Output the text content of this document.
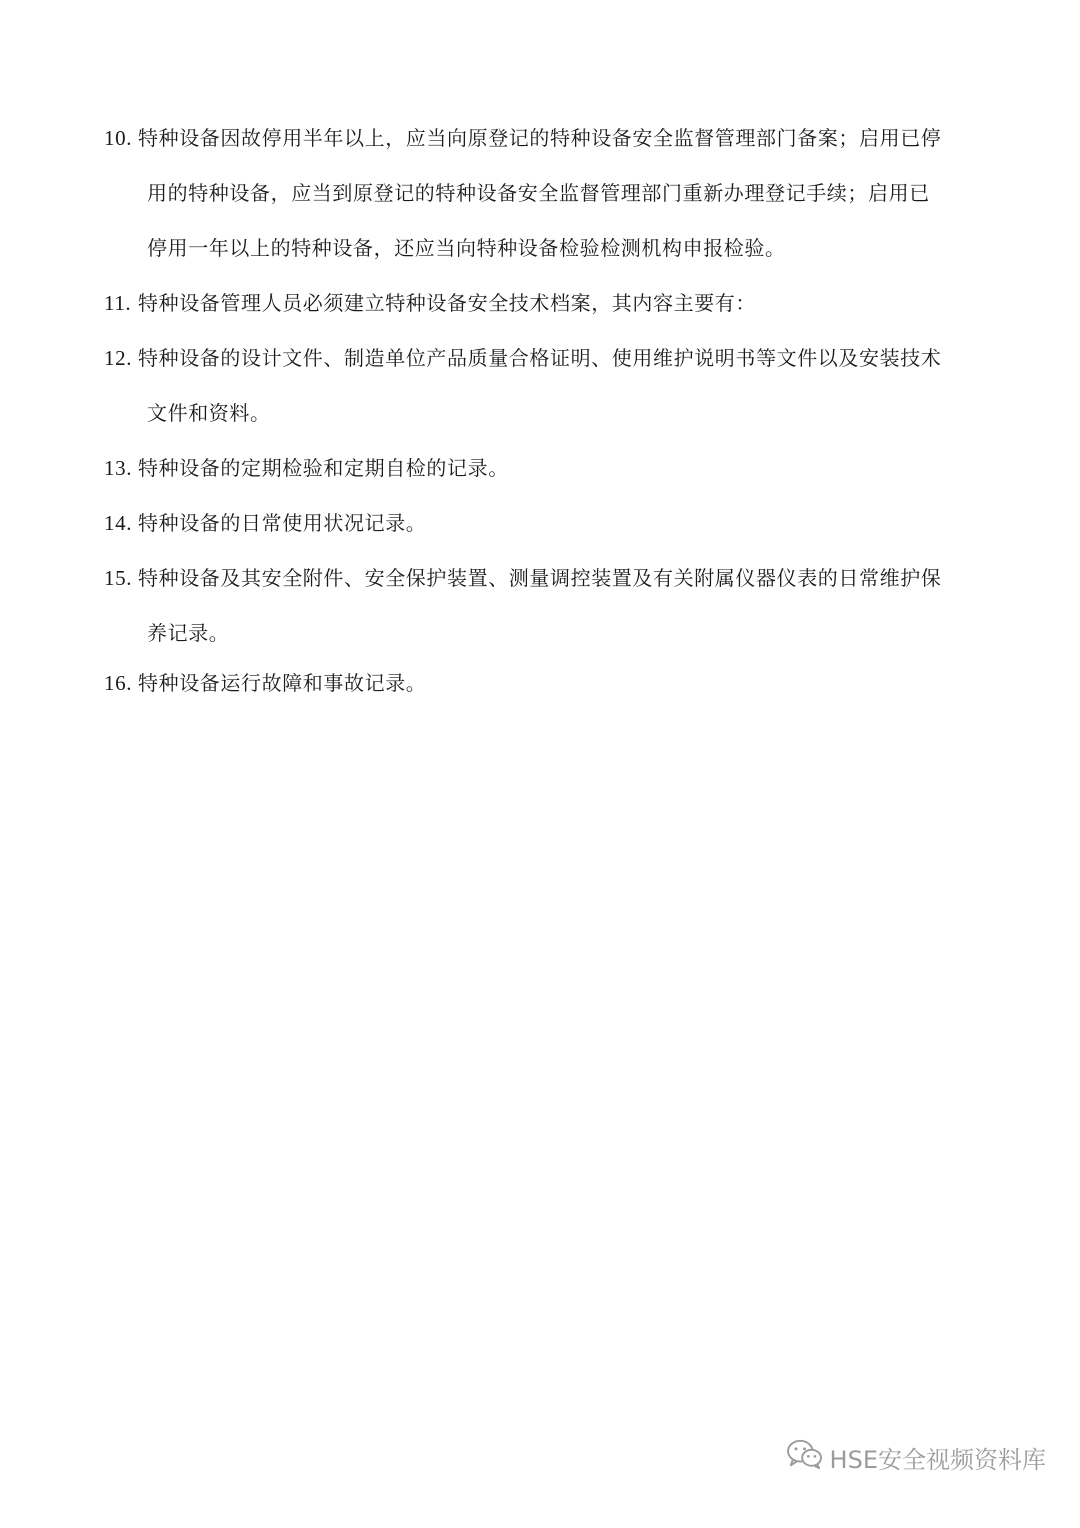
10. 特种设备因故停用半年以上，应当向原登记的特种设备安全监督管理部门备案；启用已停
用的特种设备，应当到原登记的特种设备安全监督管理部门重新办理登记手续；启用已
停用一年以上的特种设备，还应当向特种设备检验检测机构申报检验。
11. 特种设备管理人员必须建立特种设备安全技术档案，其内容主要有：
12. 特种设备的设计文件、制造单位产品质量合格证明、使用维护说明书等文件以及安装技术
文件和资料。
13. 特种设备的定期检验和定期自检的记录。
14. 特种设备的日常使用状况记录。
15. 特种设备及其安全附件、安全保护装置、测量调控装置及有关附属仪器仪表的日常维护保
养记录。
16. 特种设备运行故障和事故记录。
HSE安全视频资料库
